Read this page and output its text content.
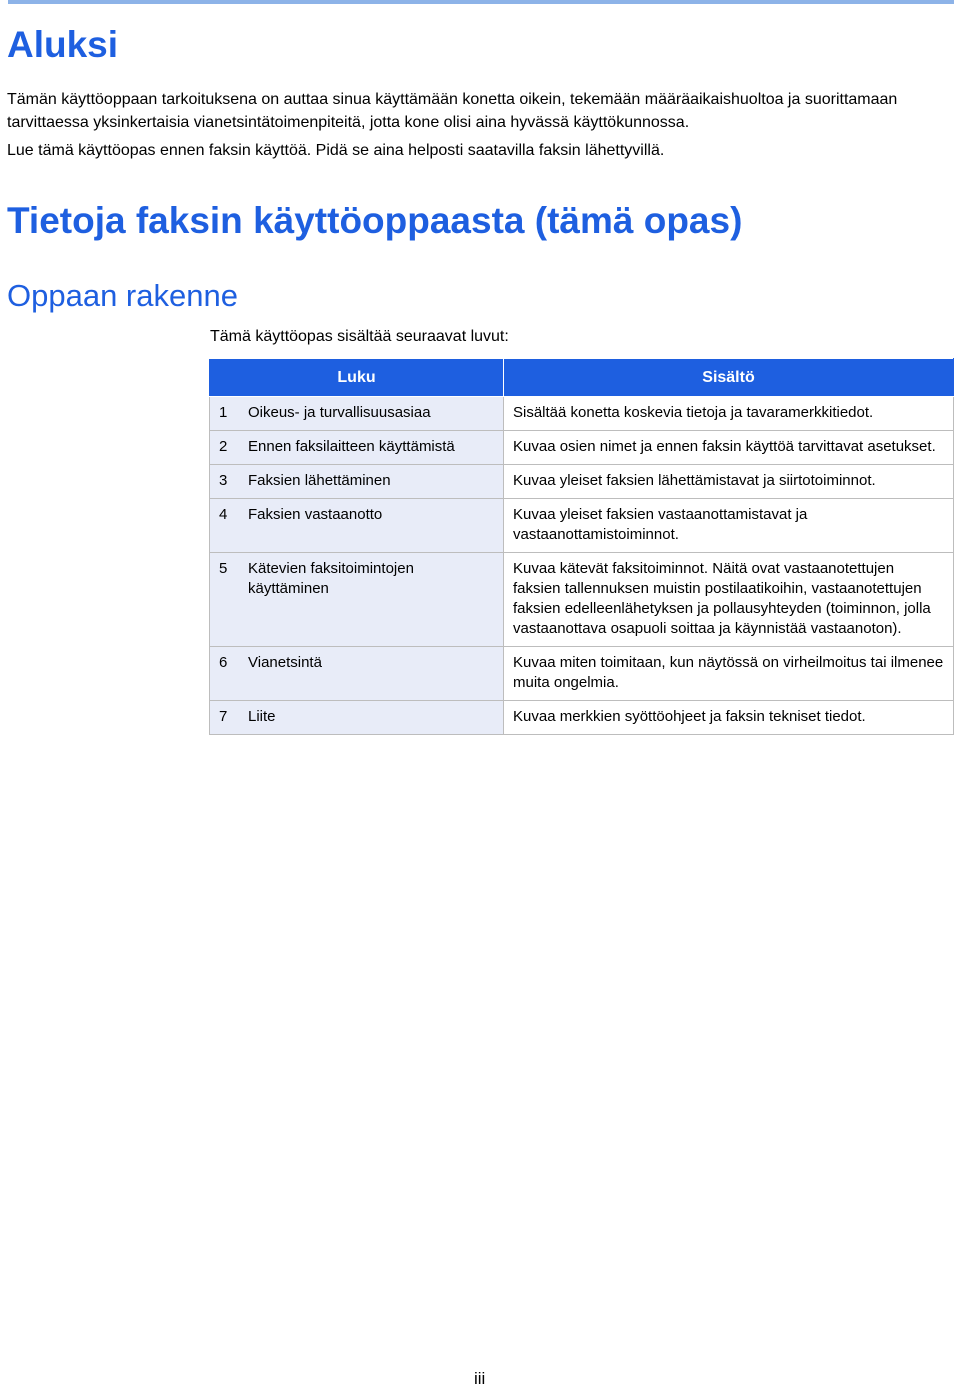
Aluksi

Tämän käyttöoppaan tarkoituksena on auttaa sinua käyttämään konetta oikein, tekemään määräaikaishuoltoa ja suorittamaan tarvittaessa yksinkertaisia vianetsintätoimenpiteitä, jotta kone olisi aina hyvässä käyttökunnossa.

Lue tämä käyttöopas ennen faksin käyttöä. Pidä se aina helposti saatavilla faksin lähettyvillä.

Tietoja faksin käyttöoppaasta (tämä opas)
Oppaan rakenne
Tämä käyttöopas sisältää seuraavat luvut:
Luku		Sisältö
1	Oikeus- ja turvallisuusasiaa	Sisältää konetta koskevia tietoja ja tavaramerkkitiedot.
2	Ennen faksilaitteen käyttämistä	Kuvaa osien nimet ja ennen faksin käyttöä tarvittavat asetukset.
3	Faksien lähettäminen	Kuvaa yleiset faksien lähettämistavat ja siirtotoiminnot.
4	Faksien vastaanotto	Kuvaa yleiset faksien vastaanottamistavat ja vastaanottamistoiminnot.
5	Kätevien faksitoimintojen käyttäminen	Kuvaa kätevät faksitoiminnot. Näitä ovat vastaanotettujen faksien tallennuksen muistin postilaatikoihin, vastaanotettujen faksien edelleenlähetyksen ja pollausyhteyden (toiminnon, jolla vastaanottava osapuoli soittaa ja käynnistää vastaanoton).
6	Vianetsintä	Kuvaa miten toimitaan, kun näytössä on virheilmoitus tai ilmenee muita ongelmia.
7	Liite	Kuvaa merkkien syöttöohjeet ja faksin tekniset tiedot.
iii
